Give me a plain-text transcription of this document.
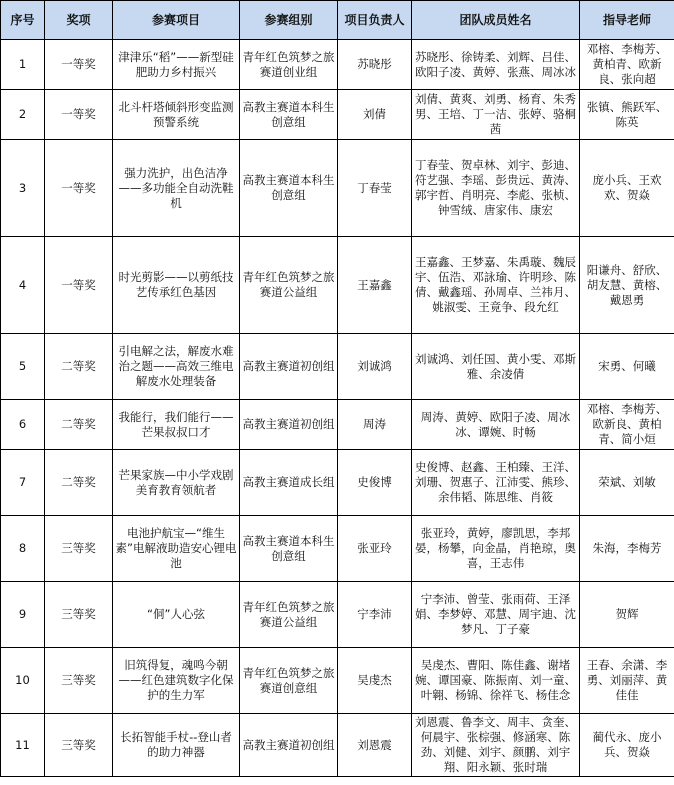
序号	奖项	参赛项目	参赛组别	项目负责人	团队成员姓名	指导老师
1	一等奖	津津乐“稻”——新型硅肥助力乡村振兴	青年红色筑梦之旅赛道创业组	苏晓彤	苏晓彤、徐铸柔、刘辉、吕佳、欧阳子凌、黄婷、张燕、周冰冰	邓榕、李梅芳、黄柏青、欧新良、张向超
2	一等奖	北斗杆塔倾斜形变监测预警系统	高教主赛道本科生创意组	刘倩	刘倩、黄爽、刘勇、杨育、朱秀男、王培、丁一洁、张婷、骆桐茜	张镇、熊跃军、陈英
3	一等奖	强力洗护，出色洁净——多功能全自动洗鞋机	高教主赛道本科生创意组	丁春莹	丁春莹、贺卓林、刘宇、彭迪、符艺强、李瑶、彭贵远、黄涛、郭宇哲、肖明亮、李彪、张桢、钟雪绒、唐家伟、康宏	庞小兵、王欢欢、贺焱
4	一等奖	时光剪影——以剪纸技艺传承红色基因	青年红色筑梦之旅赛道公益组	王嘉鑫	王嘉鑫、王梦嘉、朱禹璇、魏辰宇、伍浩、邓詠瑜、许明珍、陈倩、戴鑫瑶、孙周卓、兰祎月、姚淑雯、王竟争、段允红	阳谦舟、舒欣、胡友慧、黄榕、戴恩勇
5	二等奖	引电解之法，解废水难治之题——高效三维电解废水处理装备	高教主赛道初创组	刘诚鸿	刘诚鸿、刘任国、黄小雯、邓斯雅、余凌倩	宋勇、何曦
6	二等奖	我能行，我们能行——芒果叔叔口才	高教主赛道初创组	周涛	周涛、黄婷、欧阳子凌、周冰冰、谭婉、时畅	邓榕、李梅芳、欧新良、黄柏青、简小烜
7	二等奖	芒果家族—中小学戏剧美育教育领航者	高教主赛道成长组	史俊博	史俊博、赵鑫、王柏臻、王洋、刘珊、贺惠子、江沛雯、熊珍、余伟韬、陈思维、肖筱	荣斌、刘敏
8	三等奖	电池护航宝—“维生素”电解液助造安心锂电池	高教主赛道本科生创意组	张亚玲	张亚玲，黄婷，廖凯思，李邦晏，杨攀，向金晶，肖艳琼，奥喜，王志伟	朱海，李梅芳
9	三等奖	“侗”人心弦	青年红色筑梦之旅赛道公益组	宁李沛	宁李沛、曾莹、张雨荷、王泽娟、李梦婷、邓慧、周宇迪、沈梦凡、丁子豪	贺辉
10	三等奖	旧筑得复，魂鸣今朝——红色建筑数字化保护的生力军	青年红色筑梦之旅赛道创意组	吴虔杰	吴虔杰、曹阳、陈佳鑫、谢堵婉、谭国豪、陈振南、刘一童、叶翱、杨锦、徐祥飞、杨佳念	王春、余潇、李勇、刘丽萍、黄佳佳
11	三等奖	长拓智能手杖--登山者的助力神器	高教主赛道初创组	刘恩震	刘恩震、鲁李文、周丰、贪奎、何晨宇、张棕强、修涵寒、陈劲、刘健、刘宇、颜鹏、刘宇翔、阳永颖、张时瑞	蔺代永、庞小兵、贺焱
